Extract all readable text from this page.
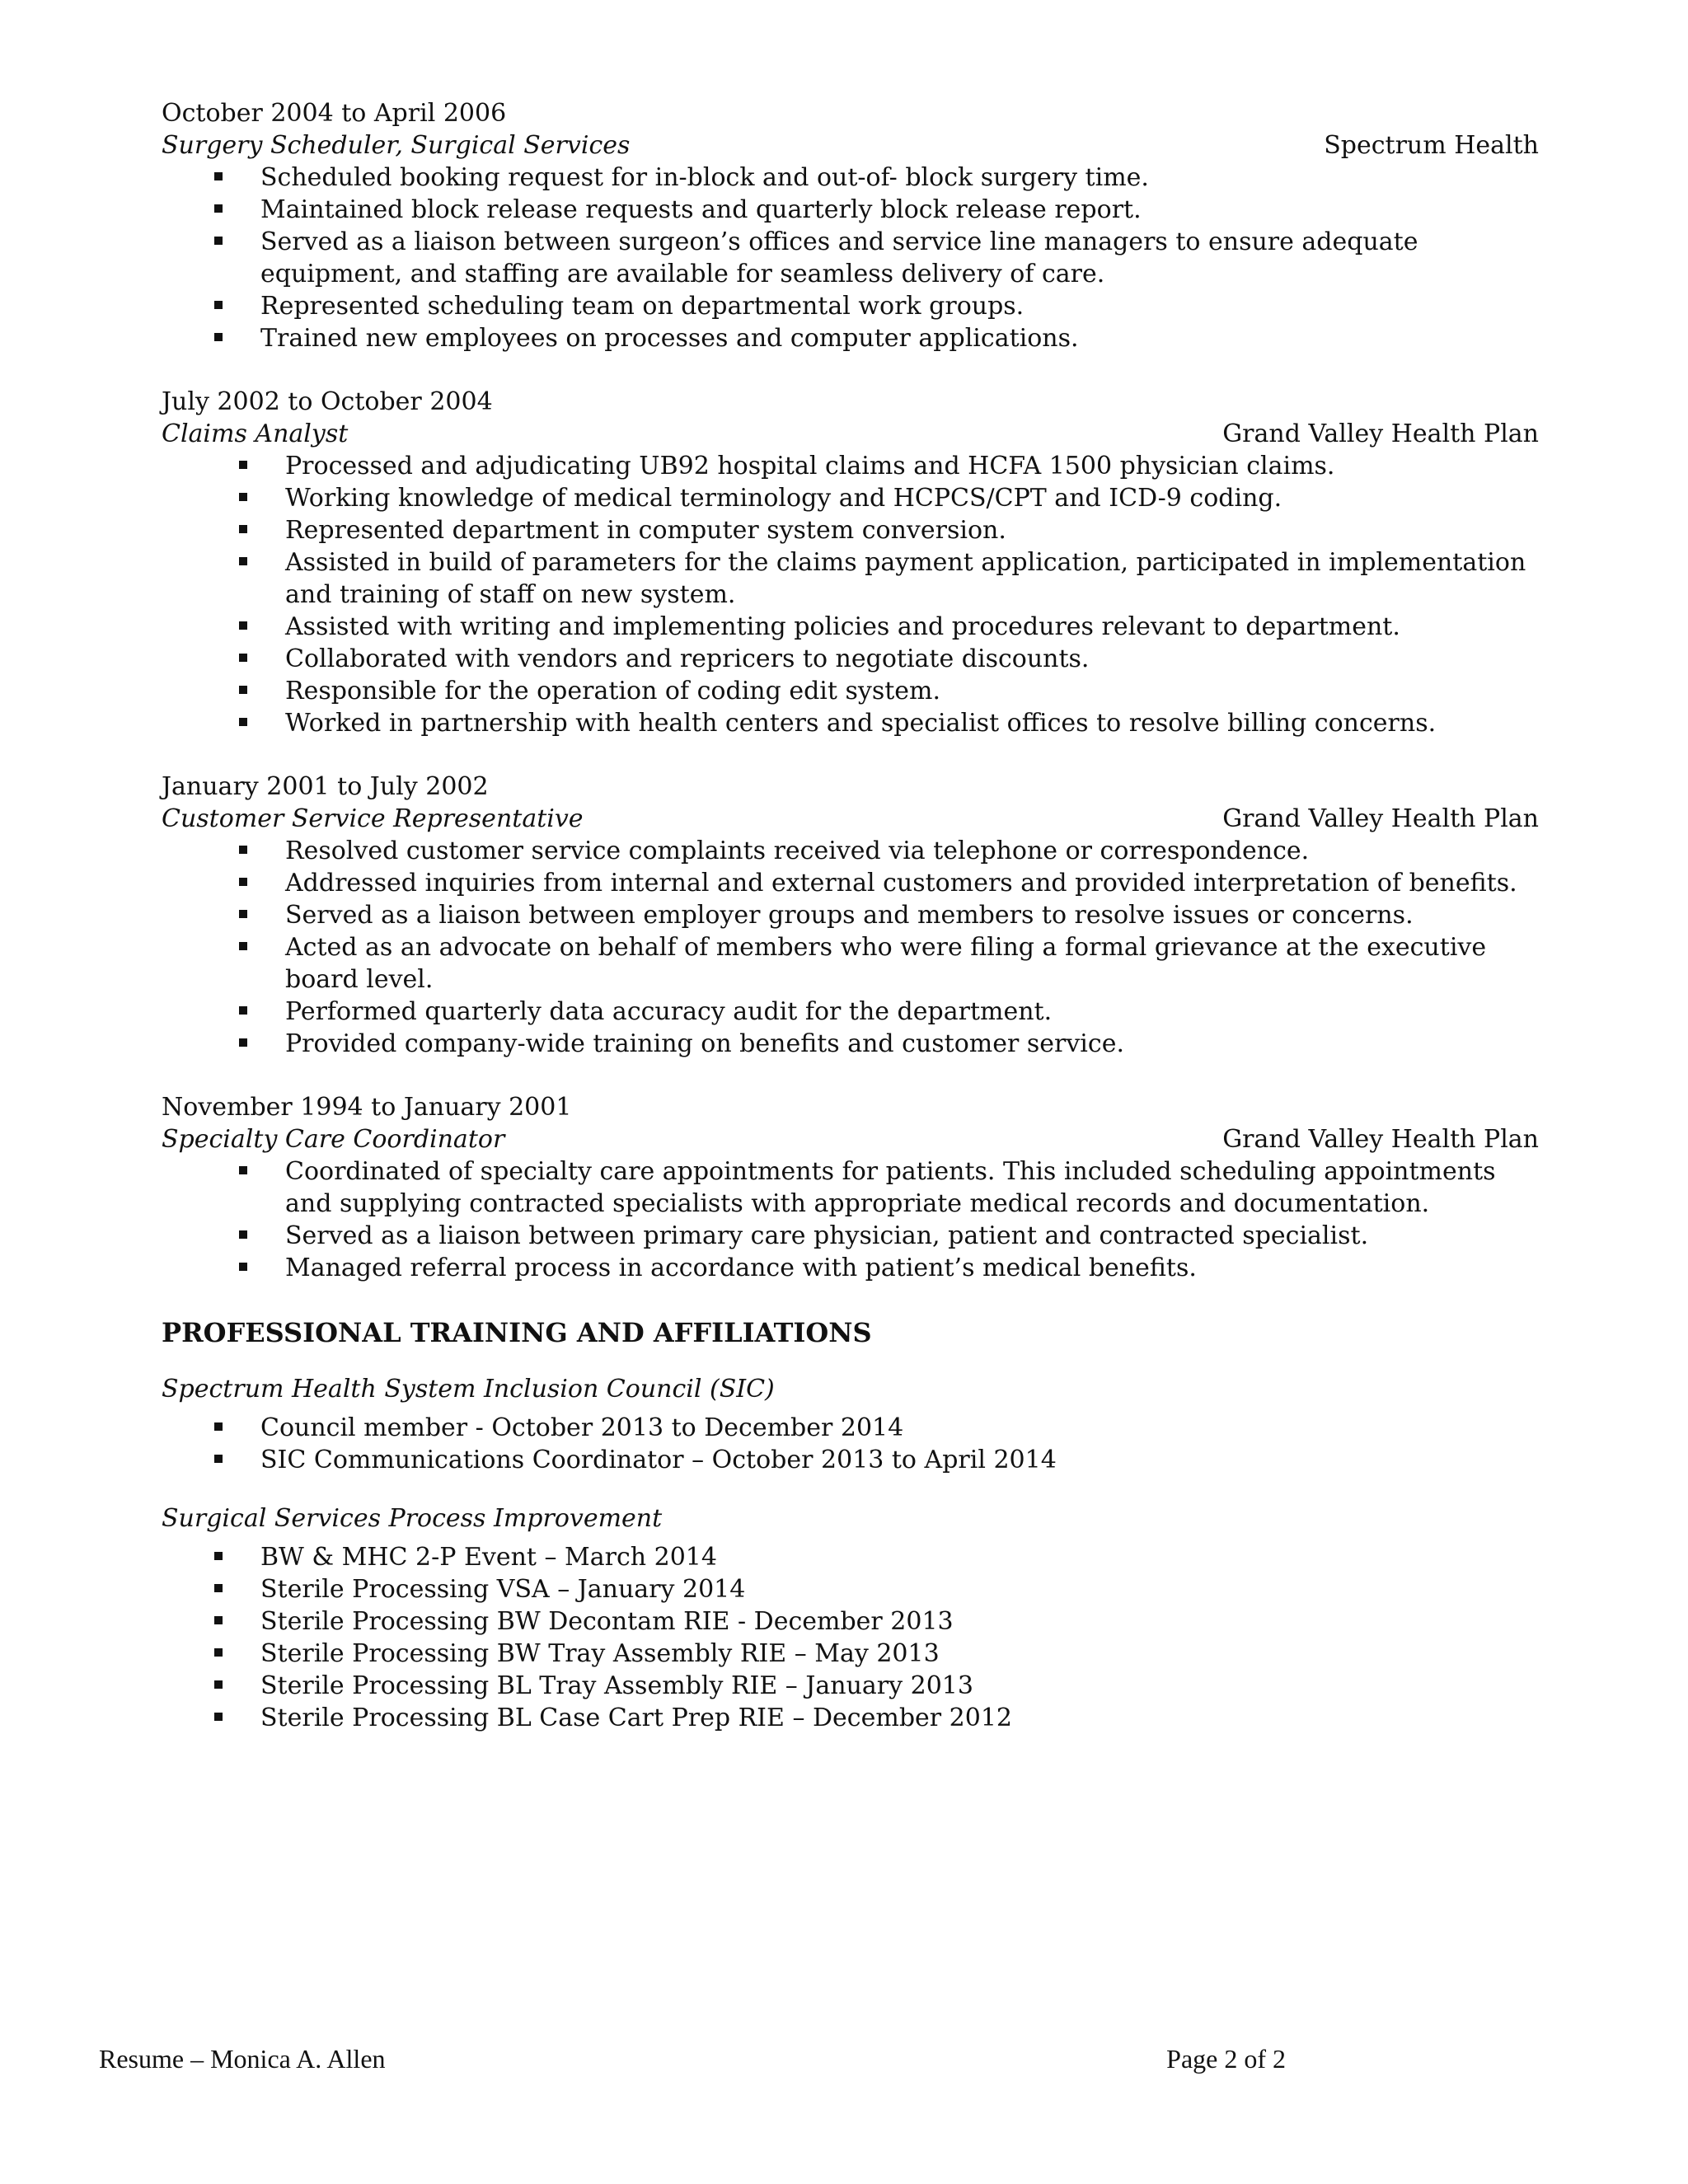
October 2004 to April 2006
Surgery Scheduler, Surgical Services	Spectrum Health
Scheduled booking request for in-block and out-of- block surgery time.
Maintained block release requests and quarterly block release report.
Served as a liaison between surgeon’s offices and service line managers to ensure adequate equipment, and staffing are available for seamless delivery of care.
Represented scheduling team on departmental work groups.
Trained new employees on processes and computer applications.
July 2002 to October 2004
Claims Analyst	Grand Valley Health Plan
Processed and adjudicating UB92 hospital claims and HCFA 1500 physician claims.
Working knowledge of medical terminology and HCPCS/CPT and ICD-9 coding.
Represented department in computer system conversion.
Assisted in build of parameters for the claims payment application, participated in implementation and training of staff on new system.
Assisted with writing and implementing policies and procedures relevant to department.
Collaborated with vendors and repricers to negotiate discounts.
Responsible for the operation of coding edit system.
Worked in partnership with health centers and specialist offices to resolve billing concerns.
January 2001 to July 2002
Customer Service Representative	Grand Valley Health Plan
Resolved customer service complaints received via telephone or correspondence.
Addressed inquiries from internal and external customers and provided interpretation of benefits.
Served as a liaison between employer groups and members to resolve issues or concerns.
Acted as an advocate on behalf of members who were filing a formal grievance at the executive board level.
Performed quarterly data accuracy audit for the department.
Provided company-wide training on benefits and customer service.
November 1994 to January 2001
Specialty Care Coordinator	Grand Valley Health Plan
Coordinated of specialty care appointments for patients. This included scheduling appointments and supplying contracted specialists with appropriate medical records and documentation.
Served as a liaison between primary care physician, patient and contracted specialist.
Managed referral process in accordance with patient’s medical benefits.
PROFESSIONAL TRAINING AND AFFILIATIONS
Spectrum Health System Inclusion Council (SIC)
Council member - October 2013 to December 2014
SIC Communications Coordinator – October 2013 to April 2014
Surgical Services Process Improvement
BW & MHC 2-P Event – March 2014
Sterile Processing VSA – January 2014
Sterile Processing BW Decontam RIE - December 2013
Sterile Processing BW Tray Assembly RIE – May 2013
Sterile Processing BL Tray Assembly RIE – January 2013
Sterile Processing BL Case Cart Prep RIE – December 2012
Resume – Monica A. Allen	Page 2 of 2
